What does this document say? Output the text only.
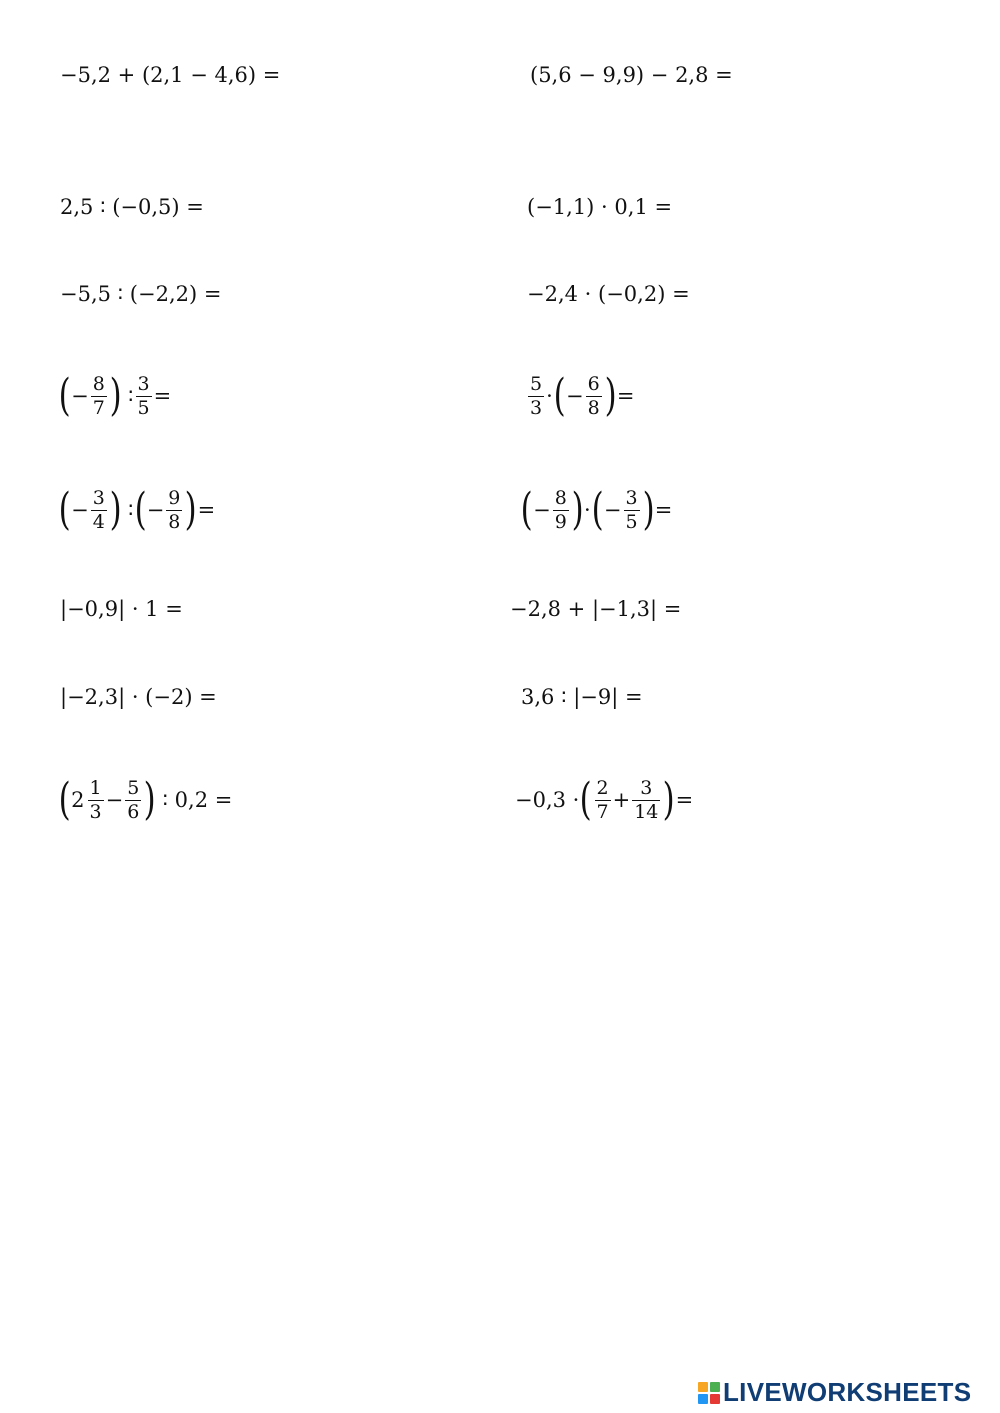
−5,2 + (2,1 − 4,6) =	(5,6 − 9,9) − 2,8 =
2,5 ∶ (−0,5) =	(−1,1) · 0,1 =
−5,5 ∶ (−2,2) =	−2,4 · (−0,2) =
( − $\frac{8}{7}$ ) ∶ $\frac{3}{5}$ =	$\frac{5}{3}$ · ( − $\frac{6}{8}$ ) =
( − $\frac{3}{4}$ ) ∶ ( − $\frac{9}{8}$ ) =	( − $\frac{8}{9}$ ) · ( − $\frac{3}{5}$ ) =
|−0,9| · 1 =	−2,8 + |−1,3| =
|−2,3| · (−2) =	3,6 ∶ |−9| =
( $2 \frac{1}{3} - \frac{5}{6}$ ) ∶ 0,2 =	−0,3 · ( $\frac{2}{7} + \frac{3}{14}$ ) =
LIVEWORKSHEETS
